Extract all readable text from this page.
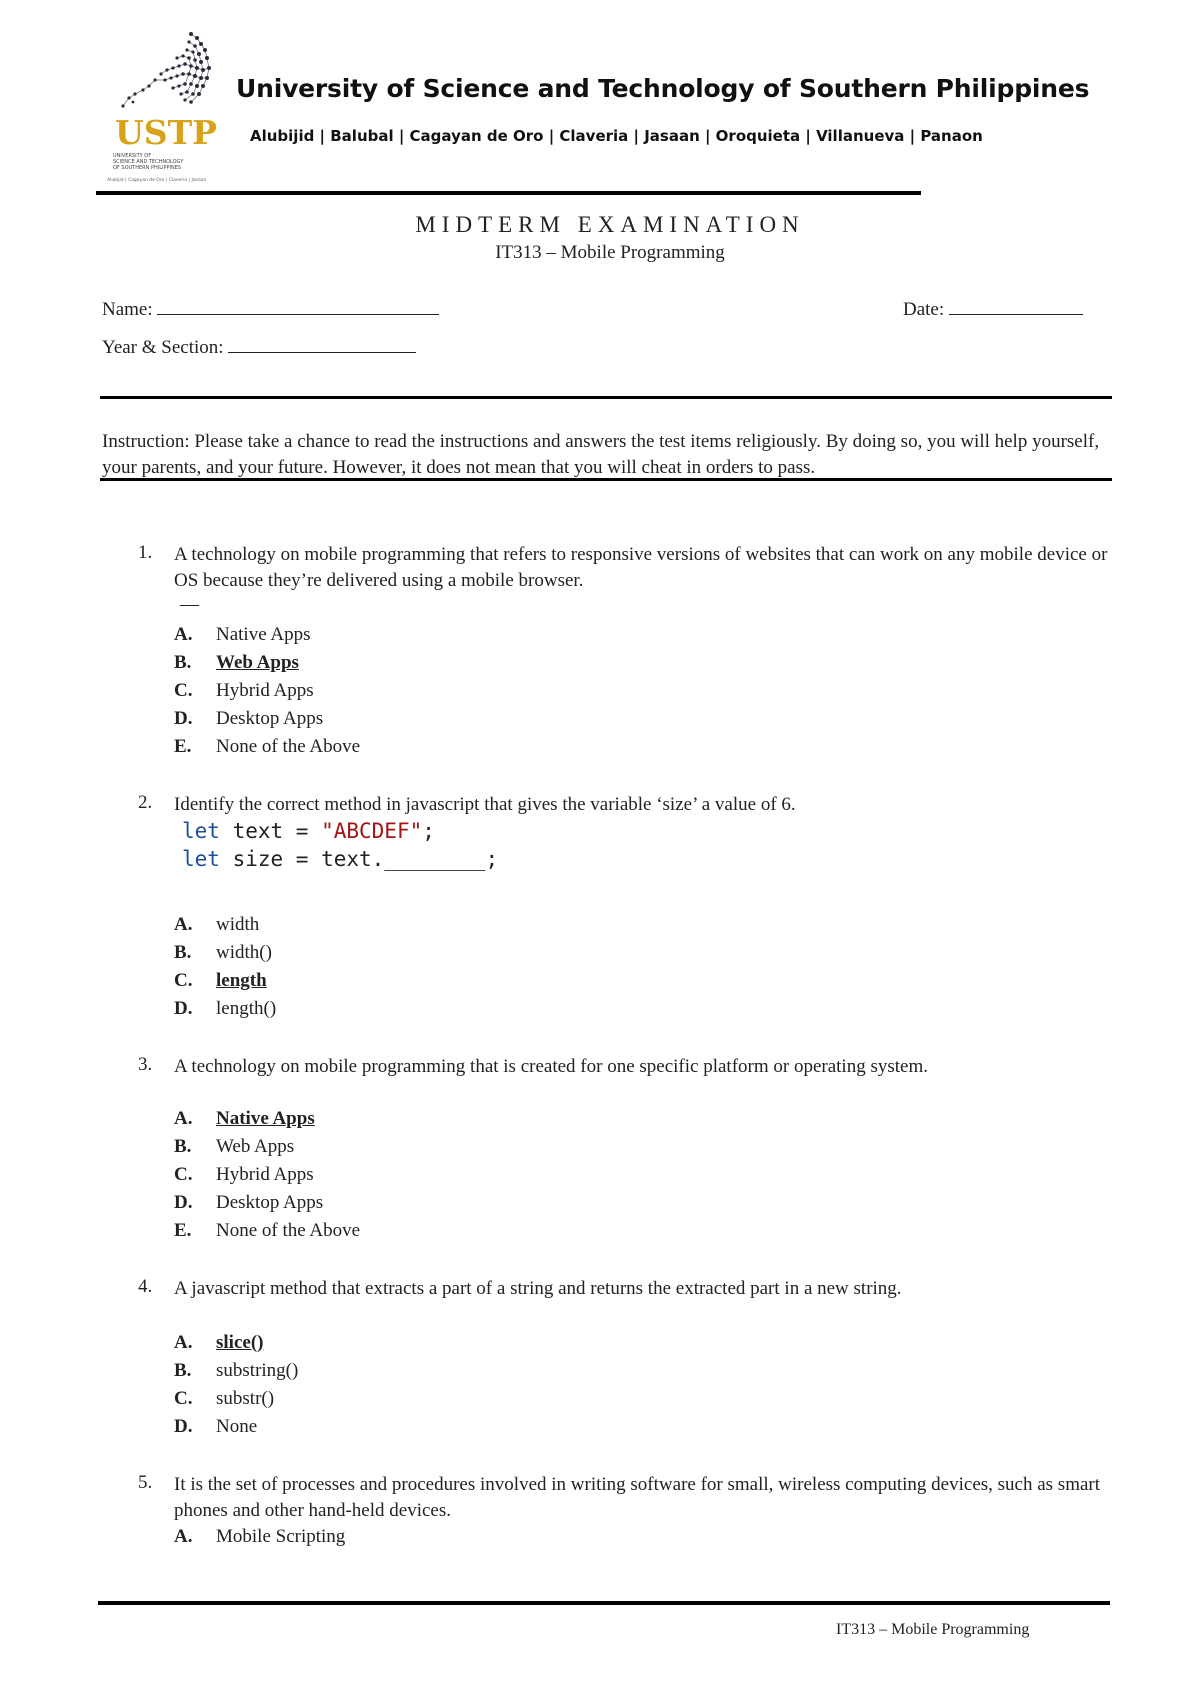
USTP
UNIVERSITY OF
SCIENCE AND TECHNOLOGY
OF SOUTHERN PHILIPPINES
Alubijid | Cagayan de Oro | Claveria | Jasaan
University of Science and Technology of Southern Philippines
Alubijid | Balubal | Cagayan de Oro | Claveria | Jasaan | Oroquieta | Villanueva | Panaon
MIDTERM EXAMINATION
IT313 – Mobile Programming
Name:	Date:
Year & Section:
Instruction: Please take a chance to read the instructions and answers the test items religiously. By doing so, you will help yourself, your parents, and your future. However, it does not mean that you will cheat in orders to pass.
1. A technology on mobile programming that refers to responsive versions of websites that can work on any mobile device or OS because they’re delivered using a mobile browser.
—
A. Native Apps
B. Web Apps
C. Hybrid Apps
D. Desktop Apps
E. None of the Above
2. Identify the correct method in javascript that gives the variable ‘size’ a value of 6.
let text = "ABCDEF";
let size = text.________;
A. width
B. width()
C. length
D. length()
3. A technology on mobile programming that is created for one specific platform or operating system.
A. Native Apps
B. Web Apps
C. Hybrid Apps
D. Desktop Apps
E. None of the Above
4. A javascript method that extracts a part of a string and returns the extracted part in a new string.
A. slice()
B. substring()
C. substr()
D. None
5. It is the set of processes and procedures involved in writing software for small, wireless computing devices, such as smart phones and other hand-held devices.
A. Mobile Scripting
IT313 – Mobile Programming
